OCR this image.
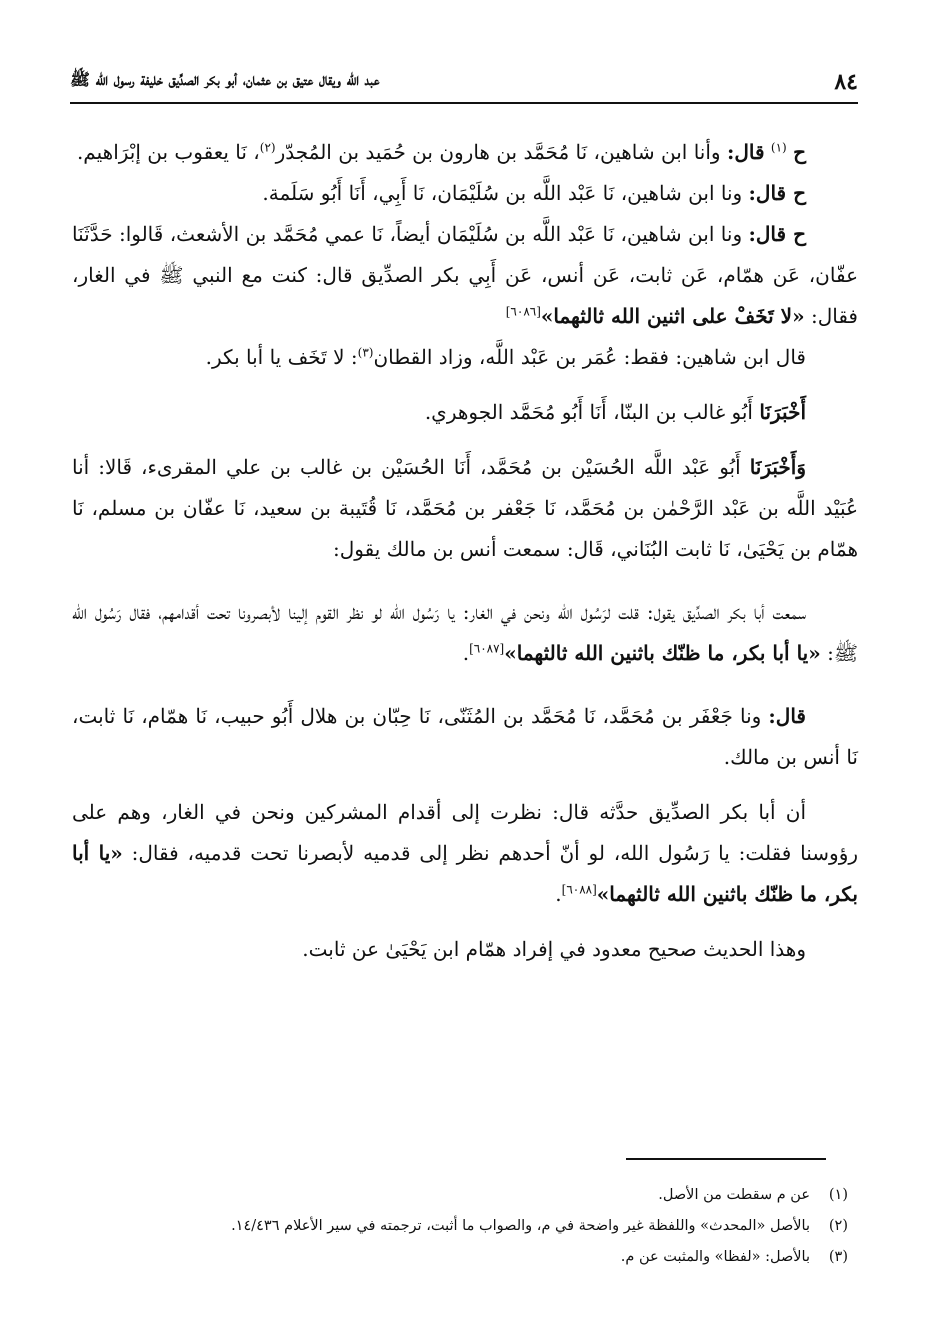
٨٤
عبد الله ويقال عتيق بن عثمان، أبو بكر الصدِّيق خليفة رسول الله ﷺ

ح $^{(١)}$ قال: وأنا ابن شاهين، نَا مُحَمَّد بن هارون بن حُمَيد بن المُجدّر$^{(٢)}$، نَا يعقوب بن إبْرَاهيم.

ح قال: ونا ابن شاهين، نَا عَبْد اللَّه بن سُلَيْمَان، نَا أَبِي، أَنَا أَبُو سَلَمة.

ح قال: ونا ابن شاهين، نَا عَبْد اللَّه بن سُلَيْمَان أيضاً، نَا عمي مُحَمَّد بن الأشعث، قَالوا: حَدَّثَنَا عفّان، عَن همّام، عَن ثابت، عَن أنس، عَن أَبِي بكر الصدِّيق قال: كنت مع النبي ﷺ في الغار، فقال: «لا تَخَفْ على اثنين الله ثالثهما»[٦٠٨٦]

قال ابن شاهين: فقط: عُمَر بن عَبْد اللَّه، وزاد القطان$^{(٣)}$: لا تَخَف يا أبا بكر.

أَخْبَرَنَا أَبُو غالب بن البنّا، أَنَا أَبُو مُحَمَّد الجوهري.

وَأَخْبَرَنَا أَبُو عَبْد اللَّه الحُسَيْن بن مُحَمَّد، أَنَا الحُسَيْن بن غالب بن علي المقرىء، قَالا: أنا عُبَيْد اللَّه بن عَبْد الرَّحْمٰن بن مُحَمَّد، نَا جَعْفر بن مُحَمَّد، نَا قُتَيبة بن سعيد، نَا عفّان بن مسلم، نَا همّام بن يَحْيَىٰ، نَا ثابت البُنَاني، قَال: سمعت أنس بن مالك يقول:

سمعت أبا بكر الصدِّيق يقول: قلت لرَسُول الله ونحن في الغار: يا رَسُول الله لو نظر القوم إلينا لأبصرونا تحت أقدامهم، فقال رَسُول الله ﷺ: «يا أبا بكر، ما ظنّك باثنين الله ثالثهما»[٦٠٨٧].

قال: ونا جَعْفَر بن مُحَمَّد، نَا مُحَمَّد بن المُثَنّى، نَا حِبّان بن هلال أَبُو حبيب، نَا همّام، نَا ثابت، نَا أنس بن مالك.

أن أبا بكر الصدِّيق حدَّثه قال: نظرت إلى أقدام المشركين ونحن في الغار، وهم على رؤوسنا فقلت: يا رَسُول الله، لو أنّ أحدهم نظر إلى قدميه لأبصرنا تحت قدميه، فقال: «يا أبا بكر، ما ظنّك باثنين الله ثالثهما»[٦٠٨٨].

وهذا الحديث صحيح معدود في إفراد همّام ابن يَحْيَىٰ عن ثابت.

(١)
عن م سقطت من الأصل.
(٢)
بالأصل «المحدث» واللفظة غير واضحة في م، والصواب ما أثبت، ترجمته في سير الأعلام ١٤/٤٣٦.
(٣)
بالأصل: «لفظا» والمثبت عن م.
